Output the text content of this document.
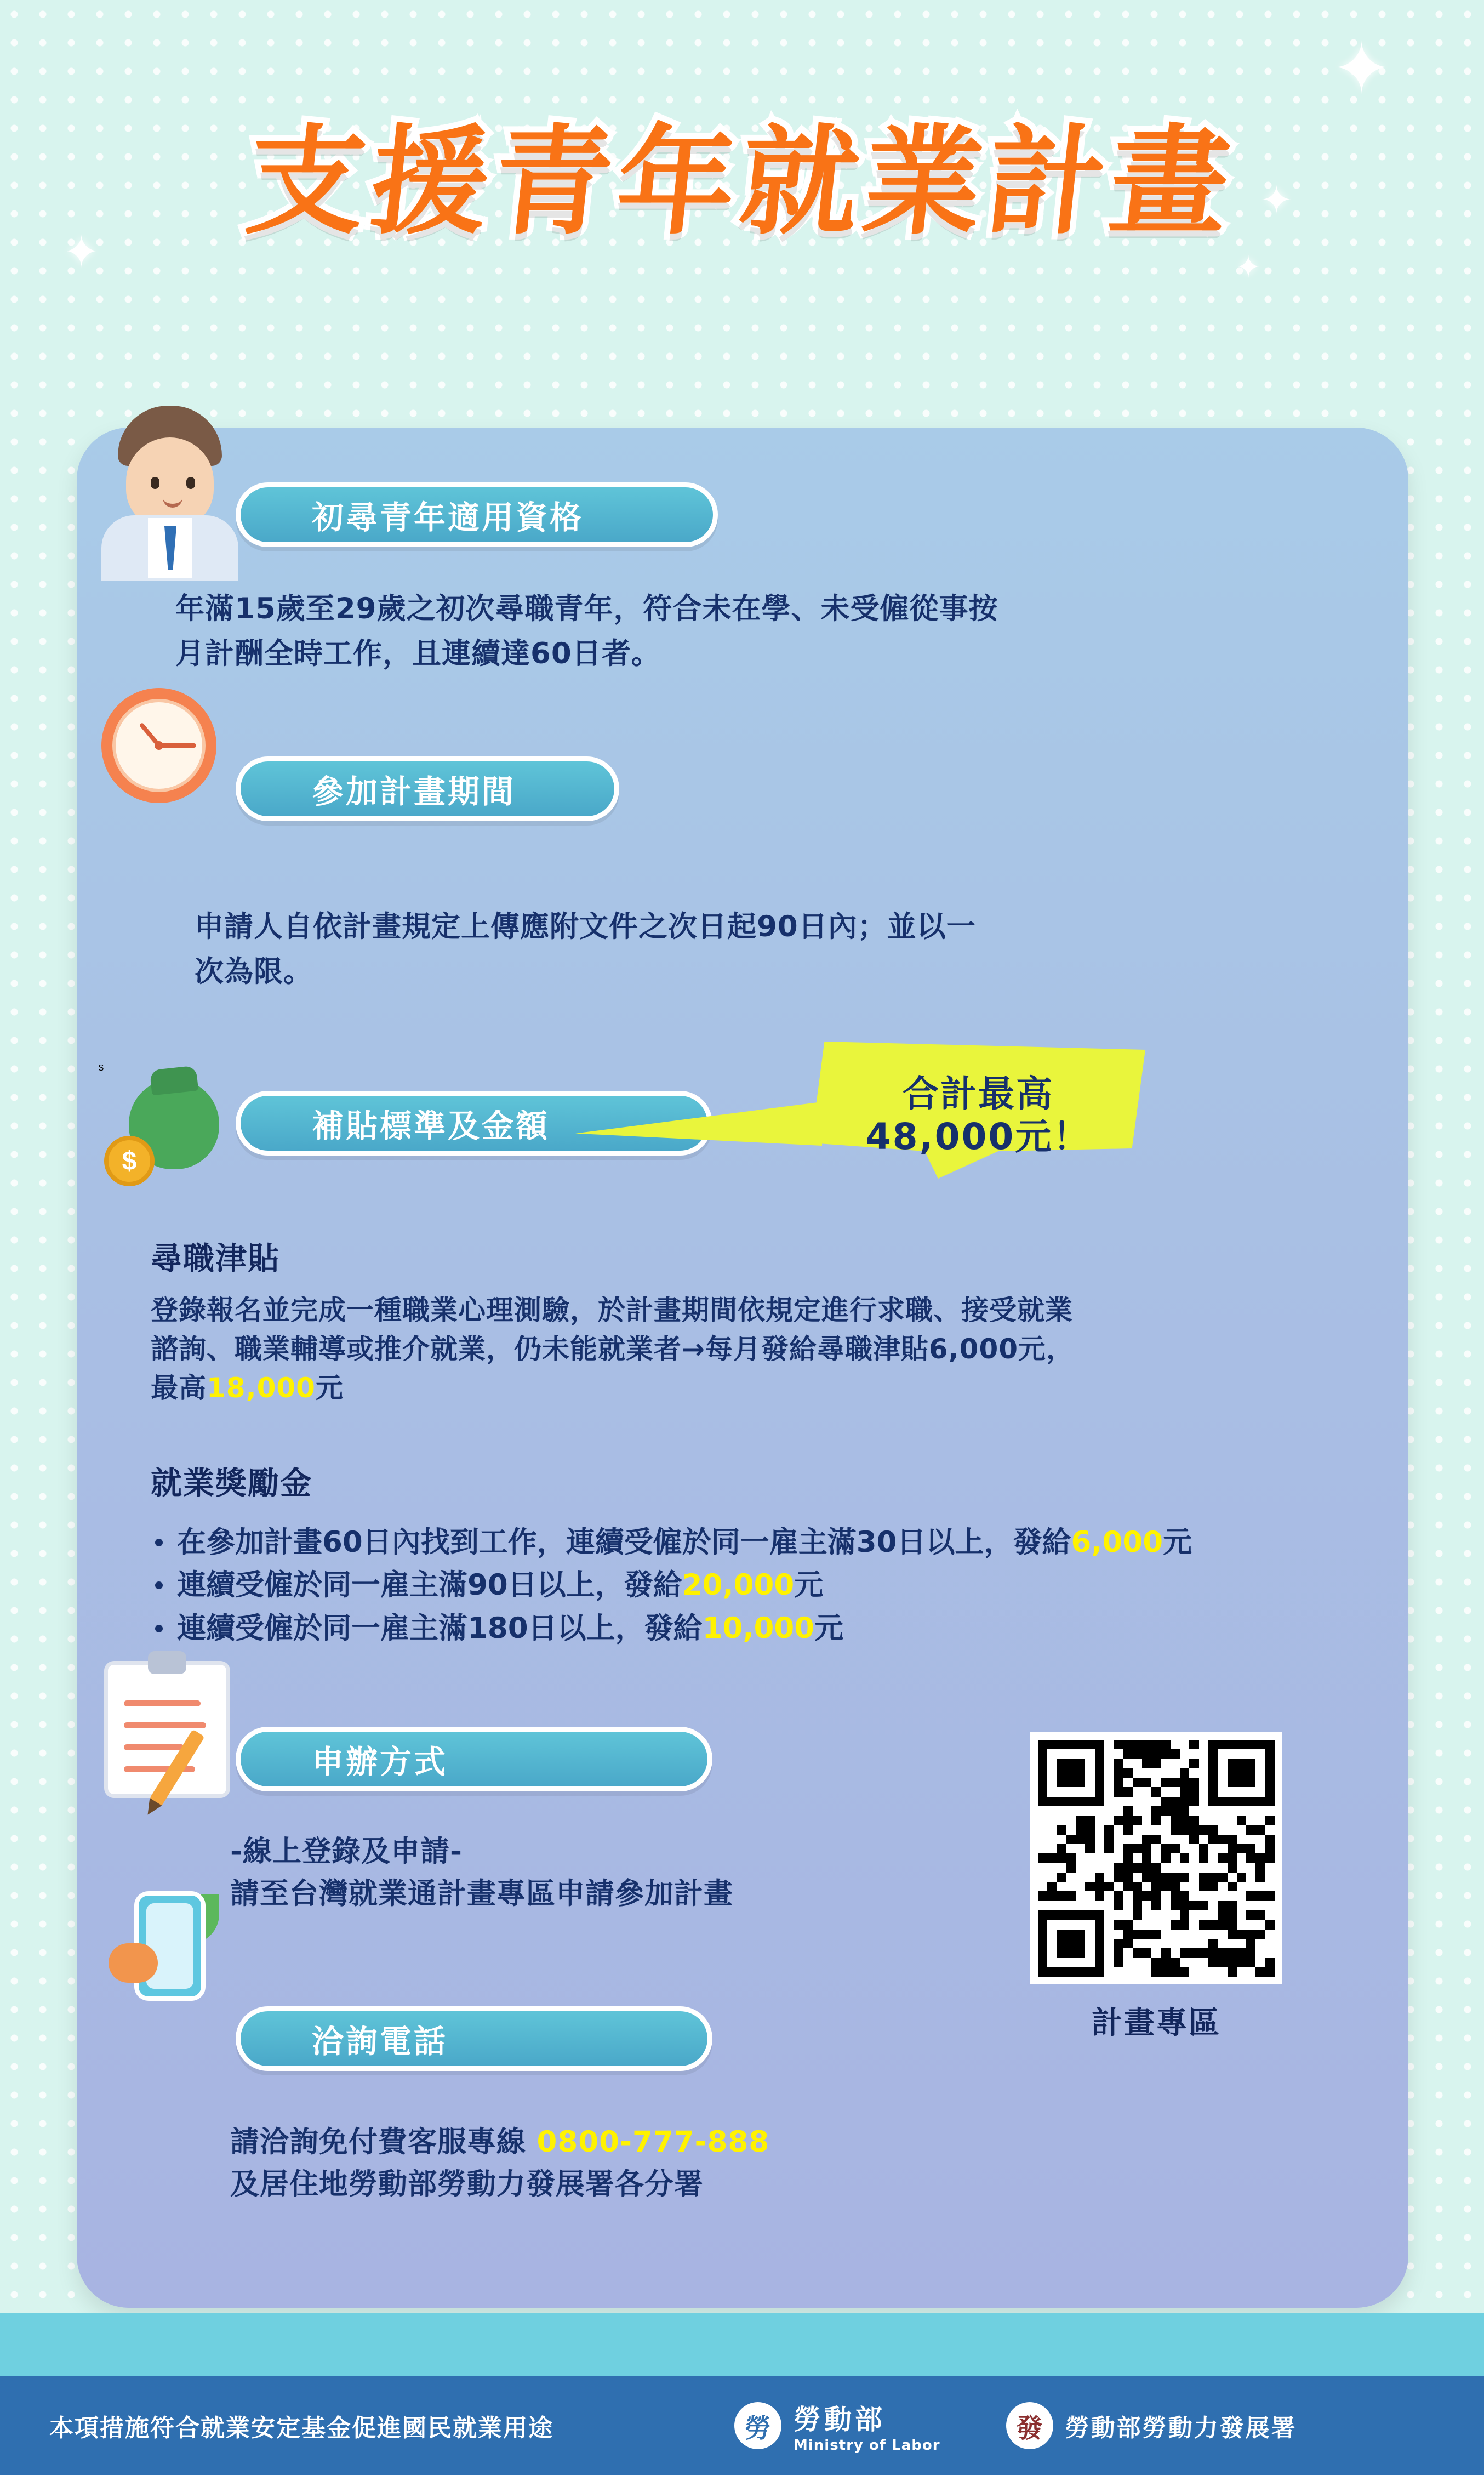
支援青年就業計畫
✦
✦
✦	✦
初尋青年適用資格
年滿15歲至29歲之初次尋職青年，符合未在學、未受僱從事按
月計酬全時工作，且連續達60日者。
參加計畫期間
申請人自依計畫規定上傳應附文件之次日起90日內；並以一
次為限。
$
$
補貼標準及金額
合計最高
48,000元！
尋職津貼
登錄報名並完成一種職業心理測驗，於計畫期間依規定進行求職、接受就業
諮詢、職業輔導或推介就業，仍未能就業者→每月發給尋職津貼6,000元，
最高18,000元
就業獎勵金
在參加計畫60日內找到工作，連續受僱於同一雇主滿30日以上，發給6,000元
連續受僱於同一雇主滿90日以上，發給20,000元
連續受僱於同一雇主滿180日以上，發給10,000元
申辦方式
-線上登錄及申請-
請至台灣就業通計畫專區申請參加計畫
計畫專區
洽詢電話
請洽詢免付費客服專線 0800-777-888
及居住地勞動部勞動力發展署各分署
本項措施符合就業安定基金促進國民就業用途	勞 勞動部
Ministry of Labor
發 勞動部勞動力發展署
